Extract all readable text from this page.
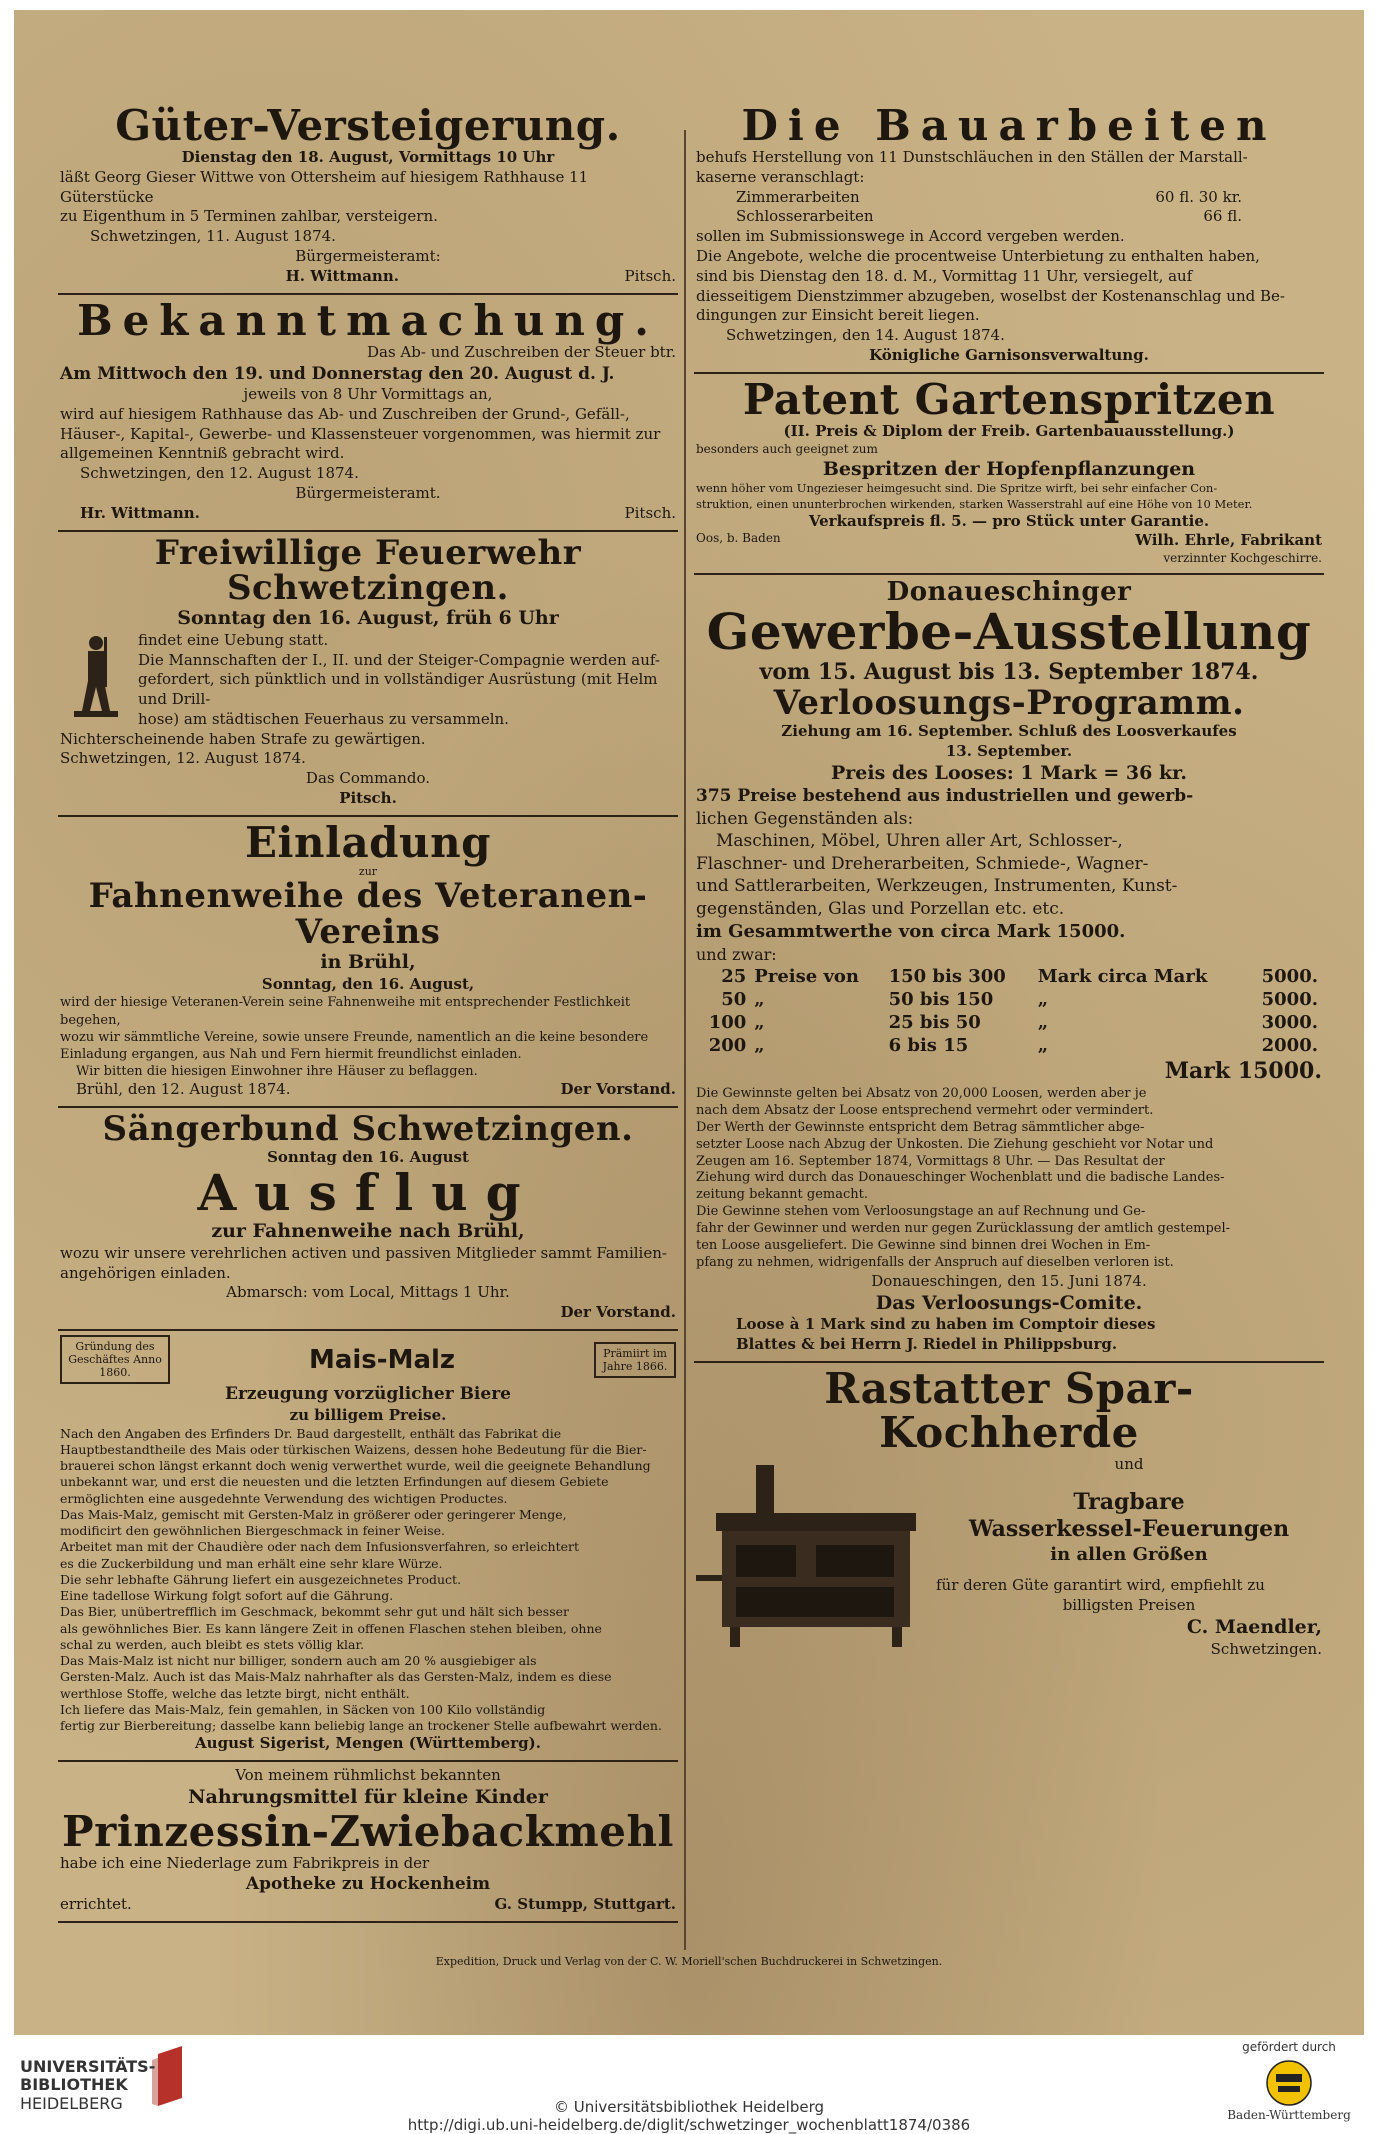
Güter-Versteigerung.

Dienstag den 18. August, Vormittags 10 Uhr

läßt Georg Gieser Wittwe von Ottersheim auf hiesigem Rathhause 11 Güterstücke

zu Eigenthum in 5 Terminen zahlbar, versteigern.

Schwetzingen, 11. August 1874.

Bürgermeisteramt:

H. Wittmann.	Pitsch.

Bekanntmachung.

Das Ab- und Zuschreiben der Steuer btr.

Am Mittwoch den 19. und Donnerstag den 20. August d. J.

jeweils von 8 Uhr Vormittags an,

wird auf hiesigem Rathhause das Ab- und Zuschreiben der Grund-, Gefäll-,

Häuser-, Kapital-, Gewerbe- und Klassensteuer vorgenommen, was hiermit zur

allgemeinen Kenntniß gebracht wird.

Schwetzingen, den 12. August 1874.

Bürgermeisteramt.

Hr. Wittmann.	Pitsch.

Freiwillige Feuerwehr Schwetzingen.

Sonntag den 16. August, früh 6 Uhr

findet eine Uebung statt.

Die Mannschaften der I., II. und der Steiger-Compagnie werden auf-

gefordert, sich pünktlich und in vollständiger Ausrüstung (mit Helm und Drill-

hose) am städtischen Feuerhaus zu versammeln.

Nichterscheinende haben Strafe zu gewärtigen.

Schwetzingen, 12. August 1874.

Das Commando.

Pitsch.

Einladung

zur

Fahnenweihe des Veteranen-Vereins

in Brühl,

Sonntag, den 16. August,

wird der hiesige Veteranen-Verein seine Fahnenweihe mit entsprechender Festlichkeit begehen,

wozu wir sämmtliche Vereine, sowie unsere Freunde, namentlich an die keine besondere

Einladung ergangen, aus Nah und Fern hiermit freundlichst einladen.

Wir bitten die hiesigen Einwohner ihre Häuser zu beflaggen.

Brühl, den 12. August 1874.	Der Vorstand.

Sängerbund Schwetzingen.

Sonntag den 16. August

Ausflug

zur Fahnenweihe nach Brühl,

wozu wir unsere verehrlichen activen und passiven Mitglieder sammt Familien-

angehörigen einladen.

Abmarsch: vom Local, Mittags 1 Uhr.

Der Vorstand.

Gründung des Geschäftes Anno 1860.	Mais-Malz	Prämiirt im Jahre 1866.

Erzeugung vorzüglicher Biere

zu billigem Preise.

Nach den Angaben des Erfinders Dr. Baud dargestellt, enthält das Fabrikat die

Hauptbestandtheile des Mais oder türkischen Waizens, dessen hohe Bedeutung für die Bier-

brauerei schon längst erkannt doch wenig verwerthet wurde, weil die geeignete Behandlung

unbekannt war, und erst die neuesten und die letzten Erfindungen auf diesem Gebiete

ermöglichten eine ausgedehnte Verwendung des wichtigen Productes.

Das Mais-Malz, gemischt mit Gersten-Malz in größerer oder geringerer Menge,

modificirt den gewöhnlichen Biergeschmack in feiner Weise.

Arbeitet man mit der Chaudière oder nach dem Infusionsverfahren, so erleichtert

es die Zuckerbildung und man erhält eine sehr klare Würze.

Die sehr lebhafte Gährung liefert ein ausgezeichnetes Product.

Eine tadellose Wirkung folgt sofort auf die Gährung.

Das Bier, unübertrefflich im Geschmack, bekommt sehr gut und hält sich besser

als gewöhnliches Bier. Es kann längere Zeit in offenen Flaschen stehen bleiben, ohne

schal zu werden, auch bleibt es stets völlig klar.

Das Mais-Malz ist nicht nur billiger, sondern auch am 20 % ausgiebiger als

Gersten-Malz. Auch ist das Mais-Malz nahrhafter als das Gersten-Malz, indem es diese

werthlose Stoffe, welche das letzte birgt, nicht enthält.

Ich liefere das Mais-Malz, fein gemahlen, in Säcken von 100 Kilo vollständig

fertig zur Bierbereitung; dasselbe kann beliebig lange an trockener Stelle aufbewahrt werden.

August Sigerist, Mengen (Württemberg).

Von meinem rühmlichst bekannten

Nahrungsmittel für kleine Kinder

Prinzessin-Zwiebackmehl

habe ich eine Niederlage zum Fabrikpreis in der

Apotheke zu Hockenheim

errichtet.	G. Stumpp, Stuttgart.

Die Bauarbeiten

behufs Herstellung von 11 Dunstschläuchen in den Ställen der Marstall-

kaserne veranschlagt:

Zimmerarbeiten	60 fl. 30 kr.
Schlosserarbeiten	66 fl.

sollen im Submissionswege in Accord vergeben werden.

Die Angebote, welche die procentweise Unterbietung zu enthalten haben,

sind bis Dienstag den 18. d. M., Vormittag 11 Uhr, versiegelt, auf

diesseitigem Dienstzimmer abzugeben, woselbst der Kostenanschlag und Be-

dingungen zur Einsicht bereit liegen.

Schwetzingen, den 14. August 1874.

Königliche Garnisonsverwaltung.

Patent Gartenspritzen

(II. Preis & Diplom der Freib. Gartenbauausstellung.)

besonders auch geeignet zum

Bespritzen der Hopfenpflanzungen

wenn höher vom Ungezieser heimgesucht sind. Die Spritze wirft, bei sehr einfacher Con-

struktion, einen ununterbrochen wirkenden, starken Wasserstrahl auf eine Höhe von 10 Meter.

Verkaufspreis fl. 5. — pro Stück unter Garantie.

Oos, b. Baden	Wilh. Ehrle, Fabrikant

verzinnter Kochgeschirre.

Donaueschinger

Gewerbe-Ausstellung

vom 15. August bis 13. September 1874.

Verloosungs-Programm.

Ziehung am 16. September. Schluß des Loosverkaufes

13. September.

Preis des Looses: 1 Mark = 36 kr.

375 Preise bestehend aus industriellen und gewerb-

lichen Gegenständen als:

Maschinen, Möbel, Uhren aller Art, Schlosser-,

Flaschner- und Dreherarbeiten, Schmiede-, Wagner-

und Sattlerarbeiten, Werkzeugen, Instrumenten, Kunst-

gegenständen, Glas und Porzellan etc. etc.

im Gesammtwerthe von circa Mark 15000.

und zwar:

25	Preise von	150 bis 300	Mark circa Mark	5000.
50	„	50 bis 150	„	5000.
100	„	25 bis 50	„	3000.
200	„	6 bis 15	„	2000.

Mark 15000.

Die Gewinnste gelten bei Absatz von 20,000 Loosen, werden aber je

nach dem Absatz der Loose entsprechend vermehrt oder vermindert.

Der Werth der Gewinnste entspricht dem Betrag sämmtlicher abge-

setzter Loose nach Abzug der Unkosten. Die Ziehung geschieht vor Notar und

Zeugen am 16. September 1874, Vormittags 8 Uhr. — Das Resultat der

Ziehung wird durch das Donaueschinger Wochenblatt und die badische Landes-

zeitung bekannt gemacht.

Die Gewinne stehen vom Verloosungstage an auf Rechnung und Ge-

fahr der Gewinner und werden nur gegen Zurücklassung der amtlich gestempel-

ten Loose ausgeliefert. Die Gewinne sind binnen drei Wochen in Em-

pfang zu nehmen, widrigenfalls der Anspruch auf dieselben verloren ist.

Donaueschingen, den 15. Juni 1874.

Das Verloosungs-Comite.

Loose à 1 Mark sind zu haben im Comptoir dieses

Blattes & bei Herrn J. Riedel in Philippsburg.

Rastatter Spar-Kochherde

und

Tragbare

Wasserkessel-Feuerungen

in allen Größen

für deren Güte garantirt wird, empfiehlt zu

billigsten Preisen

C. Maendler,

Schwetzingen.

Expedition, Druck und Verlag von der C. W. Moriell'schen Buchdruckerei in Schwetzingen.

UNIVERSITÄTS-
BIBLIOTHEK
HEIDELBERG	© Universitätsbibliothek Heidelberg
http://digi.ub.uni-heidelberg.de/diglit/schwetzinger_wochenblatt1874/0386
gefördert durch
Baden-Württemberg
